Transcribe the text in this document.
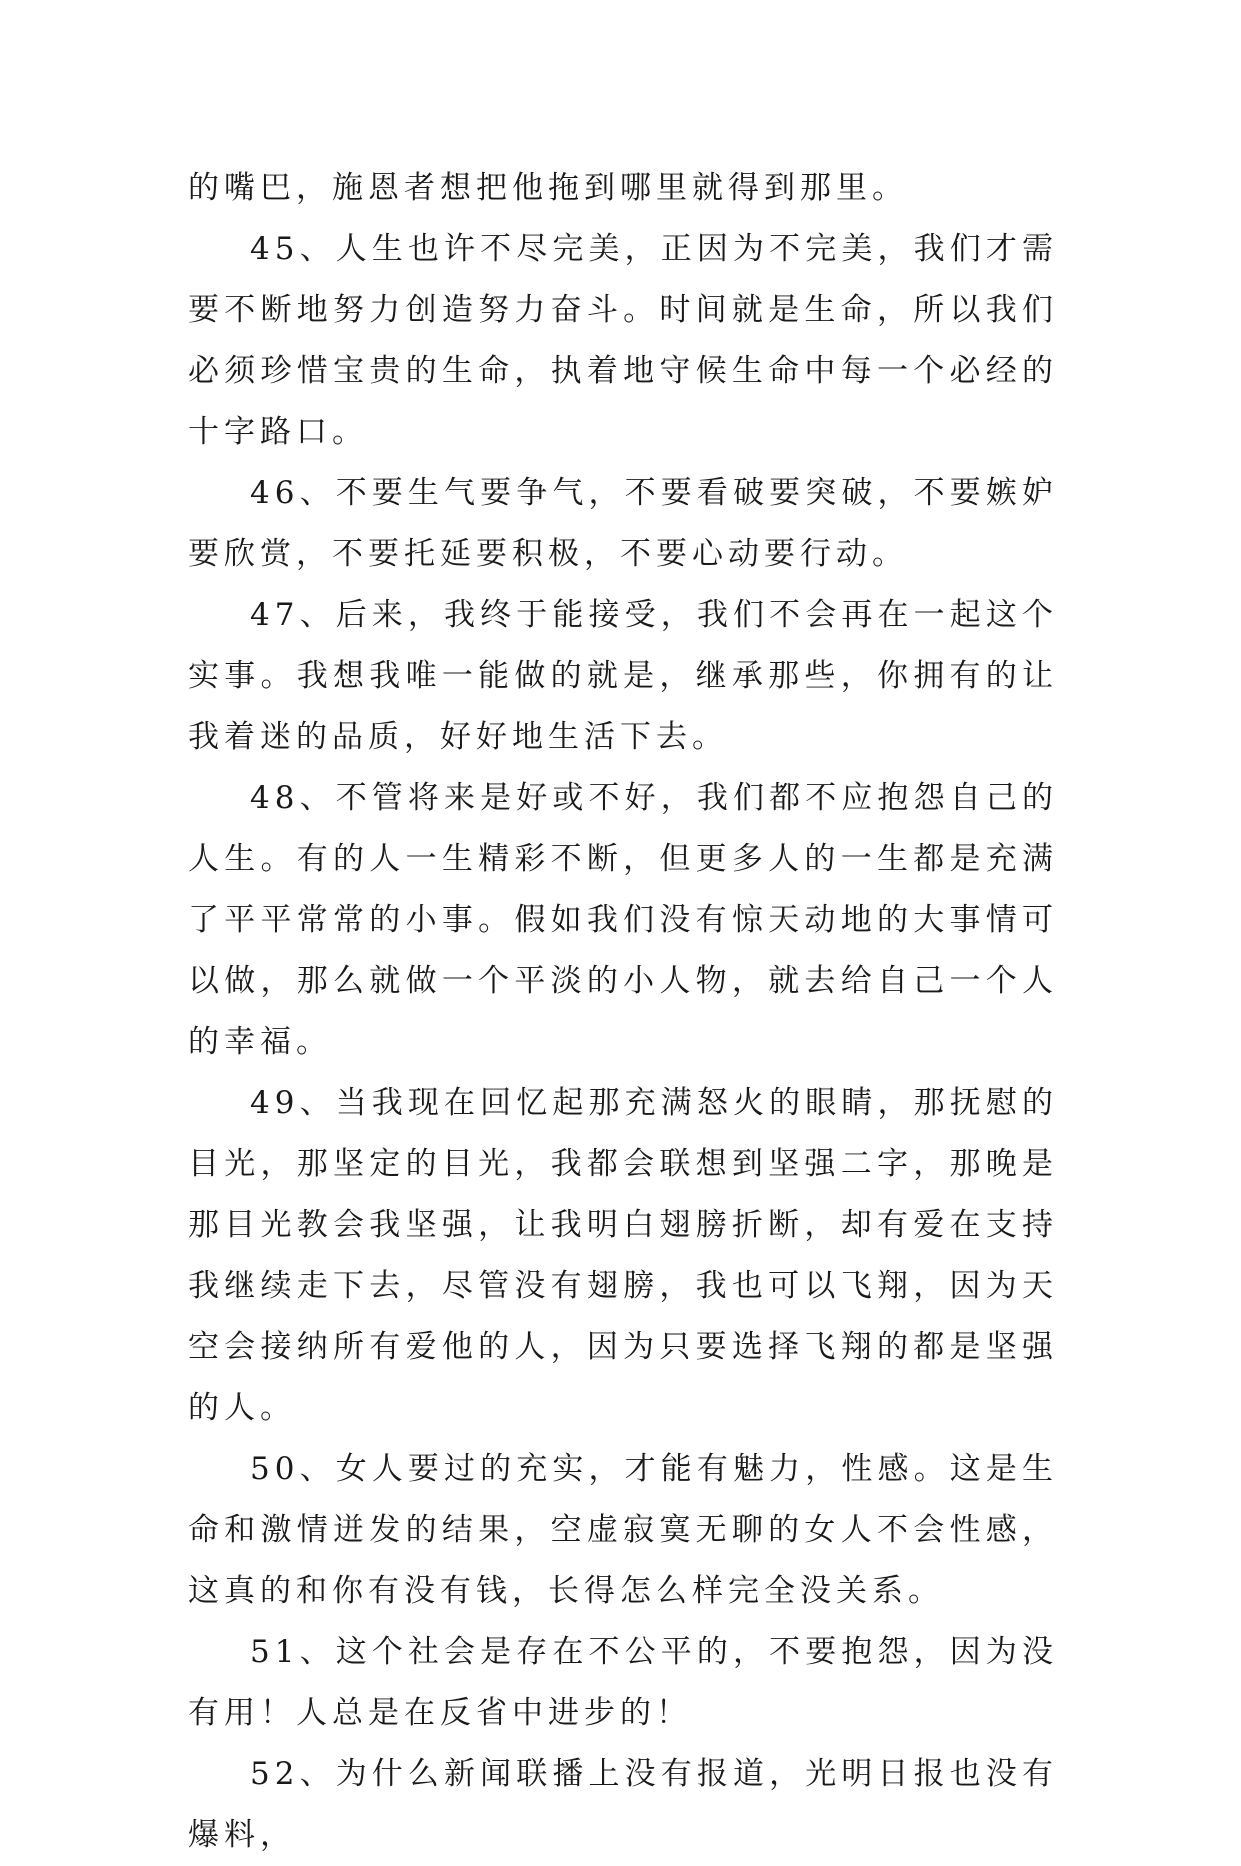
的嘴巴，施恩者想把他拖到哪里就得到那里。

45、人生也许不尽完美，正因为不完美，我们才需要不断地努力创造努力奋斗。时间就是生命，所以我们必须珍惜宝贵的生命，执着地守候生命中每一个必经的十字路口。

46、不要生气要争气，不要看破要突破，不要嫉妒要欣赏，不要托延要积极，不要心动要行动。

47、后来，我终于能接受，我们不会再在一起这个实事。我想我唯一能做的就是，继承那些，你拥有的让我着迷的品质，好好地生活下去。

48、不管将来是好或不好，我们都不应抱怨自己的人生。有的人一生精彩不断，但更多人的一生都是充满了平平常常的小事。假如我们没有惊天动地的大事情可以做，那么就做一个平淡的小人物，就去给自己一个人的幸福。

49、当我现在回忆起那充满怒火的眼睛，那抚慰的目光，那坚定的目光，我都会联想到坚强二字，那晚是那目光教会我坚强，让我明白翅膀折断，却有爱在支持我继续走下去，尽管没有翅膀，我也可以飞翔，因为天空会接纳所有爱他的人，因为只要选择飞翔的都是坚强的人。

50、女人要过的充实，才能有魅力，性感。这是生命和激情迸发的结果，空虚寂寞无聊的女人不会性感，这真的和你有没有钱，长得怎么样完全没关系。

51、这个社会是存在不公平的，不要抱怨，因为没有用！人总是在反省中进步的！

52、为什么新闻联播上没有报道，光明日报也没有爆料，
